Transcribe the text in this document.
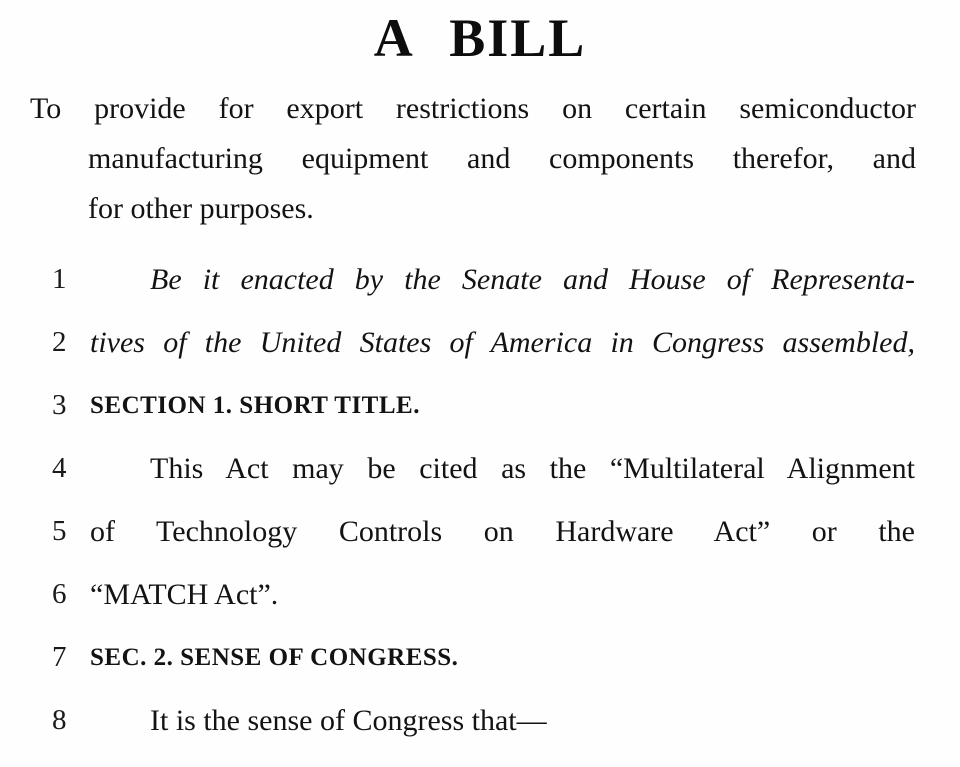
A BILL
To provide for export restrictions on certain semiconductor
manufacturing equipment and components therefor, and
for other purposes.
1	Be it enacted by the Senate and House of Representa-
2 tives of the United States of America in Congress assembled,
3 SECTION 1. SHORT TITLE.
4	This Act may be cited as the “Multilateral Alignment
5 of Technology Controls on Hardware Act” or the
6 “MATCH Act”.
7 SEC. 2. SENSE OF CONGRESS.
8	It is the sense of Congress that—
